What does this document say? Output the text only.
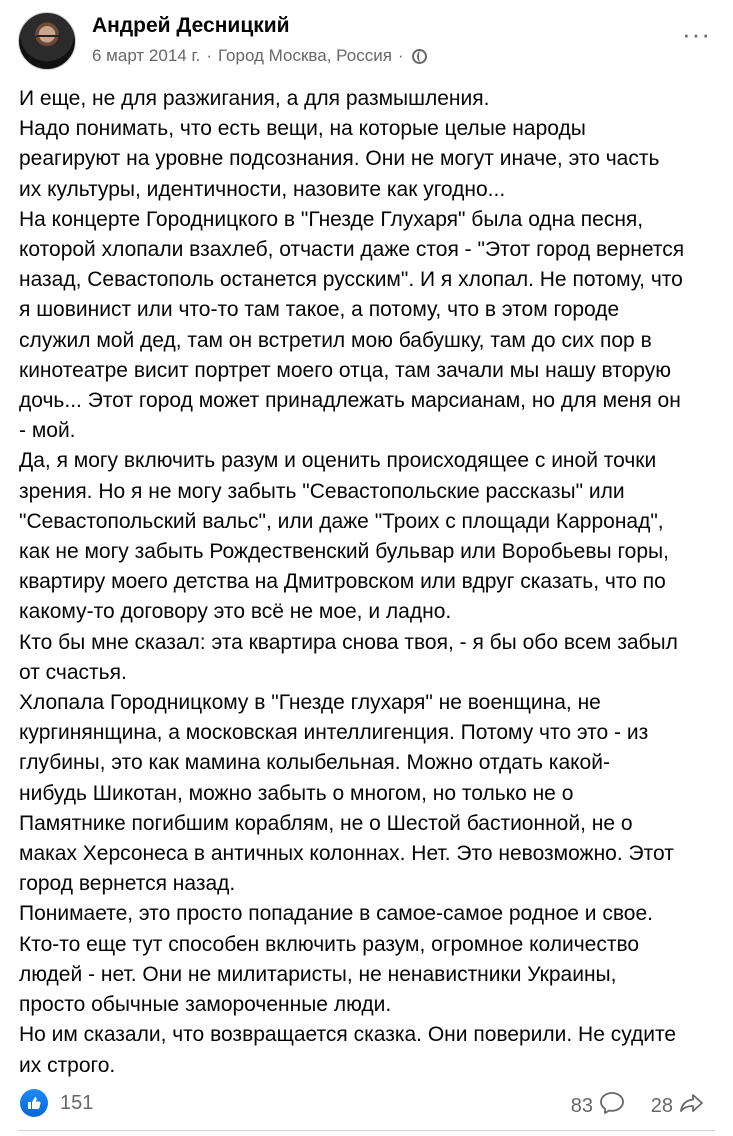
Андрей Десницкий
6 март 2014 г. · Город Москва, Россия ·
···
И еще, не для разжигания, а для размышления.
Надо понимать, что есть вещи, на которые целые народы
реагируют на уровне подсознания. Они не могут иначе, это часть
их культуры, идентичности, назовите как угодно...
На концерте Городницкого в "Гнезде Глухаря" была одна песня,
которой хлопали взахлеб, отчасти даже стоя - "Этот город вернется
назад, Севастополь останется русским". И я хлопал. Не потому, что
я шовинист или что-то там такое, а потому, что в этом городе
служил мой дед, там он встретил мою бабушку, там до сих пор в
кинотеатре висит портрет моего отца, там зачали мы нашу вторую
дочь... Этот город может принадлежать марсианам, но для меня он
- мой.
Да, я могу включить разум и оценить происходящее с иной точки
зрения. Но я не могу забыть "Севастопольские рассказы" или
"Севастопольский вальс", или даже "Троих с площади Карронад",
как не могу забыть Рождественский бульвар или Воробьевы горы,
квартиру моего детства на Дмитровском или вдруг сказать, что по
какому-то договору это всё не мое, и ладно.
Кто бы мне сказал: эта квартира снова твоя, - я бы обо всем забыл
от счастья.
Хлопала Городницкому в "Гнезде глухаря" не военщина, не
кургинянщина, а московская интеллигенция. Потому что это - из
глубины, это как мамина колыбельная. Можно отдать какой-
нибудь Шикотан, можно забыть о многом, но только не о
Памятнике погибшим кораблям, не о Шестой бастионной, не о
маках Херсонеса в античных колоннах. Нет. Это невозможно. Этот
город вернется назад.
Понимаете, это просто попадание в самое-самое родное и свое.
Кто-то еще тут способен включить разум, огромное количество
людей - нет. Они не милитаристы, не ненавистники Украины,
просто обычные замороченные люди.
Но им сказали, что возвращается сказка. Они поверили. Не судите
их строго.
151	83	28
